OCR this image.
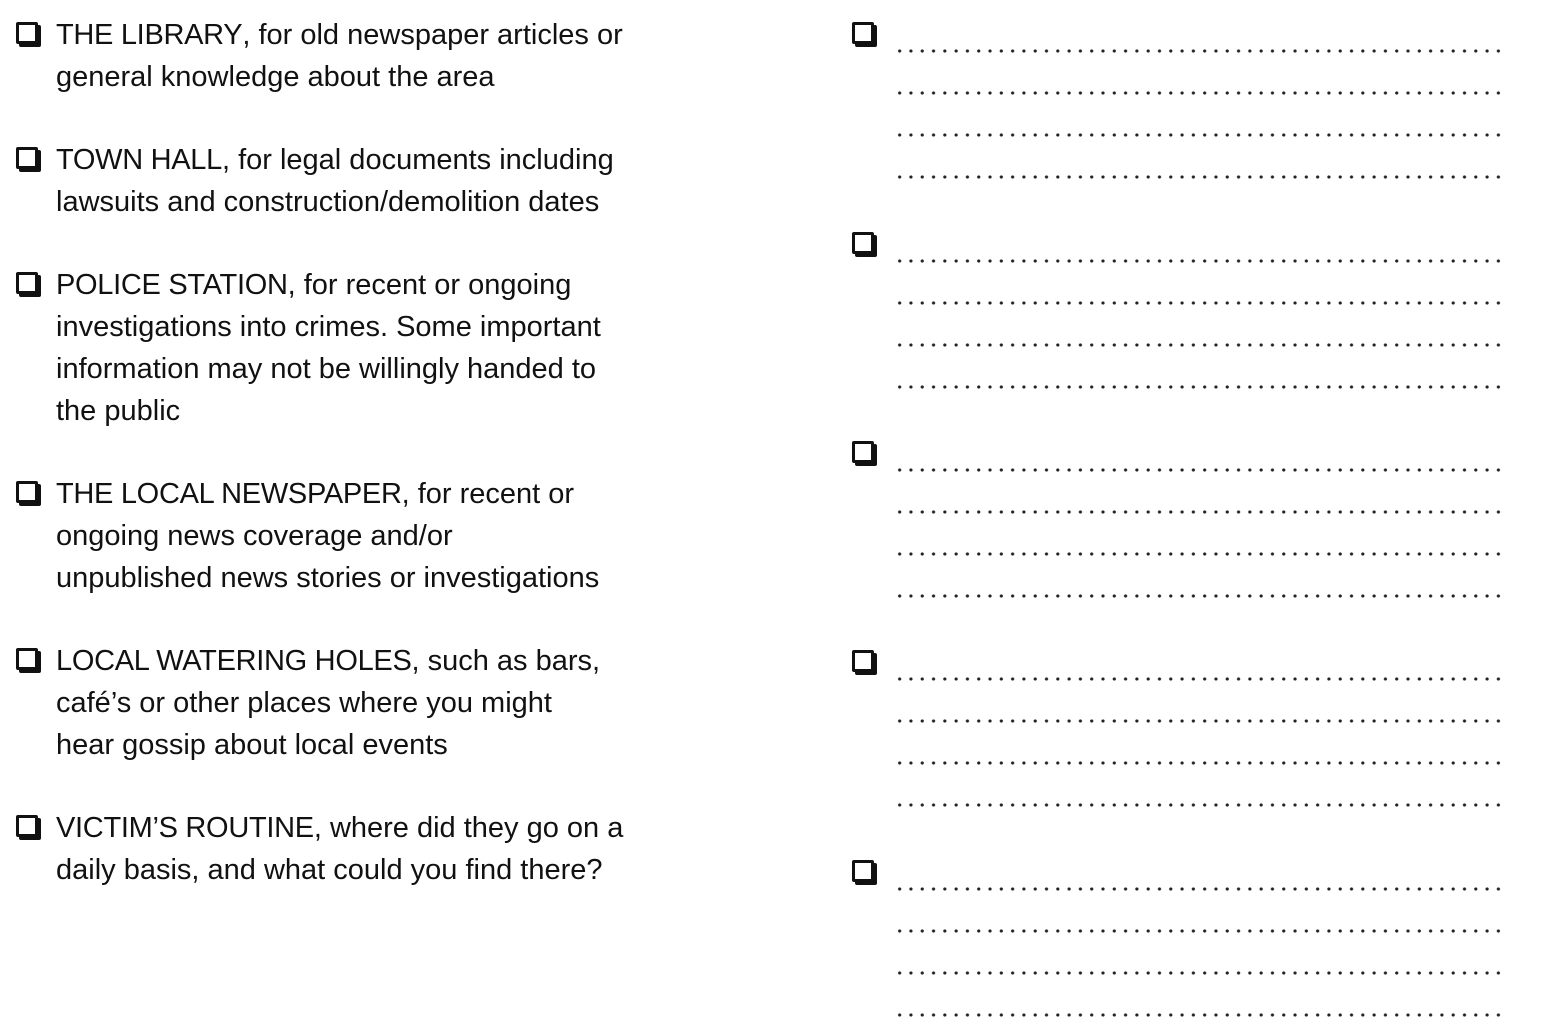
THE LIBRARY, for old newspaper articles or
general knowledge about the area
TOWN HALL, for legal documents including
lawsuits and construction/demolition dates
POLICE STATION, for recent or ongoing
investigations into crimes. Some important
information may not be willingly handed to
the public
THE LOCAL NEWSPAPER, for recent or
ongoing news coverage and/or
unpublished news stories or investigations
LOCAL WATERING HOLES, such as bars,
café’s or other places where you might
hear gossip about local events
VICTIM’S ROUTINE, where did they go on a
daily basis, and what could you find there?
